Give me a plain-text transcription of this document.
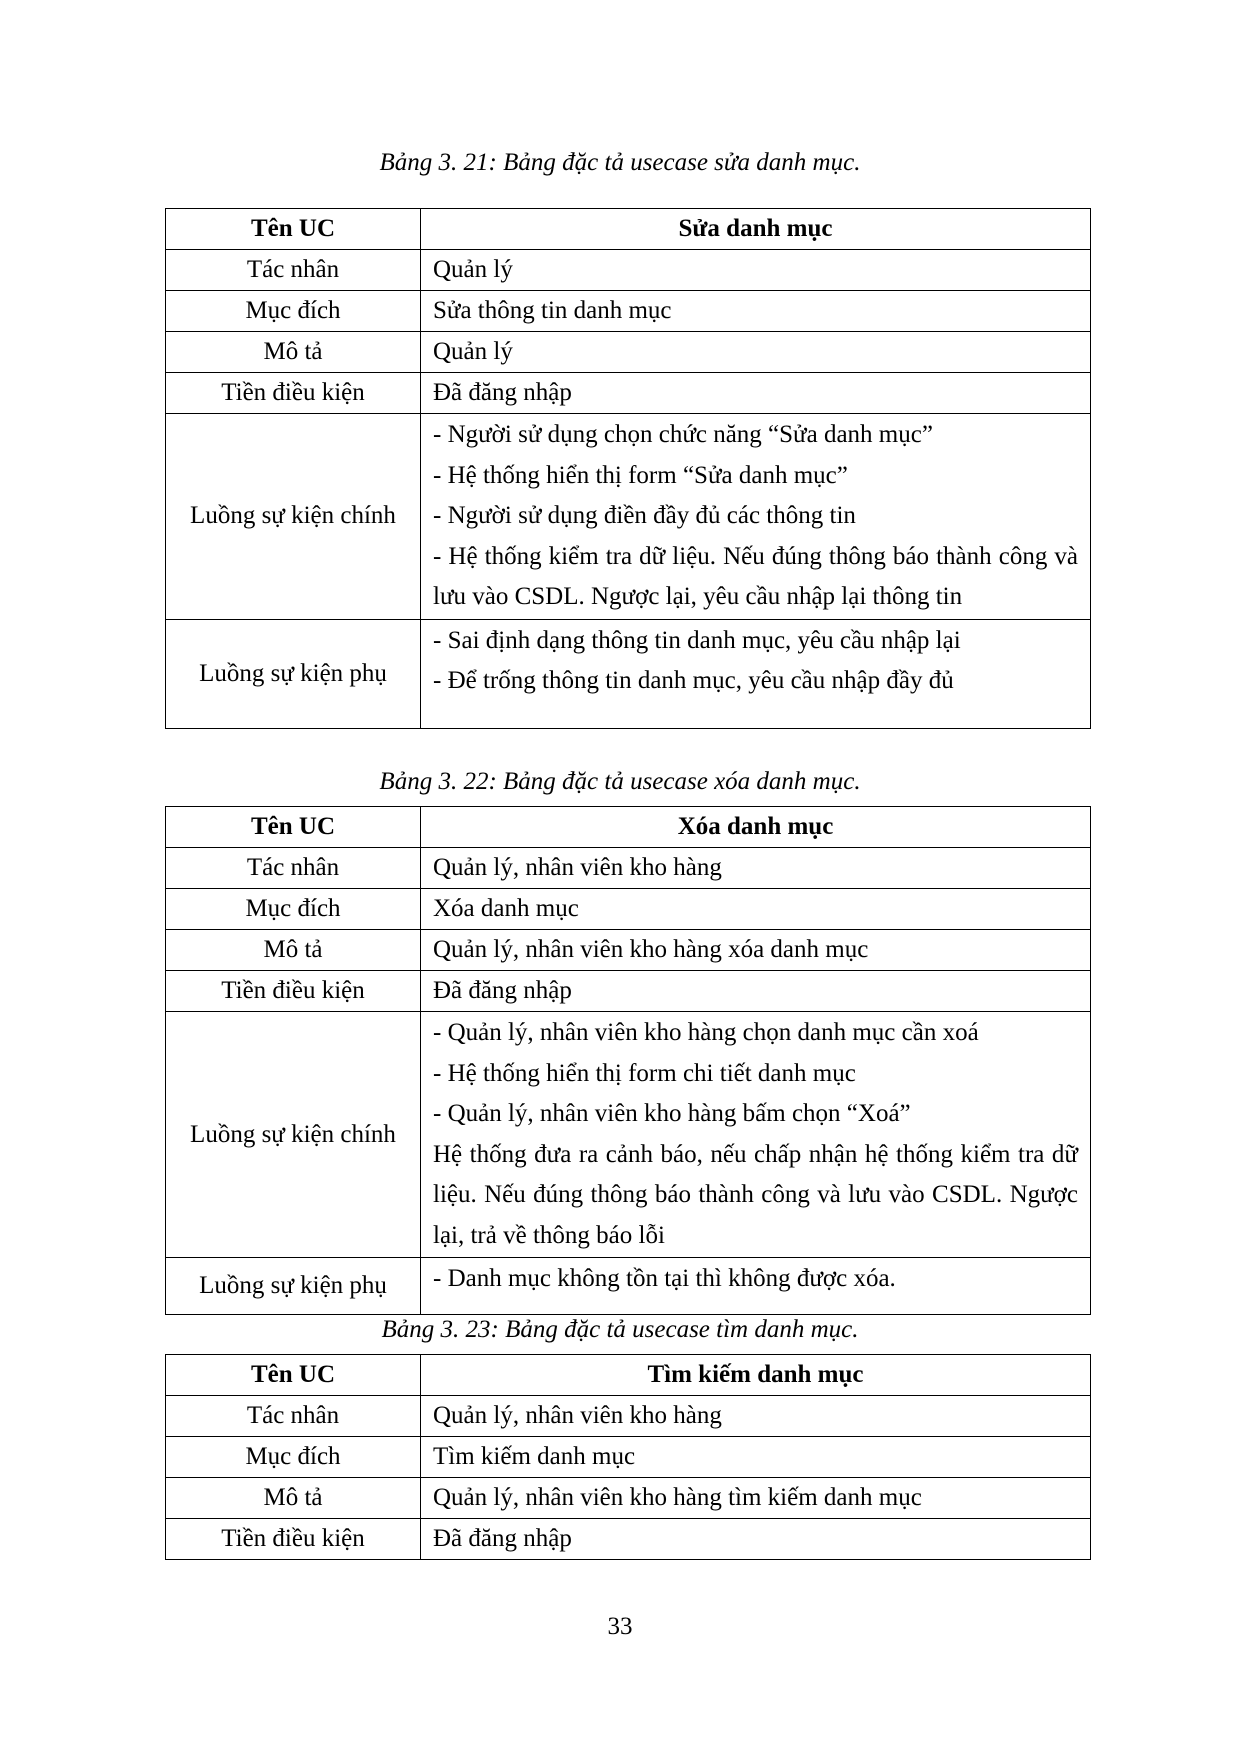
Bảng 3. 21: Bảng đặc tả usecase sửa danh mục.
Tên UC	Sửa danh mục
Tác nhân	Quản lý
Mục đích	Sửa thông tin danh mục
Mô tả	Quản lý
Tiền điều kiện	Đã đăng nhập
Luồng sự kiện chính	- Người sử dụng chọn chức năng “Sửa danh mục”
- Hệ thống hiển thị form “Sửa danh mục”
- Người sử dụng điền đầy đủ các thông tin
- Hệ thống kiểm tra dữ liệu. Nếu đúng thông báo thành công và lưu vào CSDL. Ngược lại, yêu cầu nhập lại thông tin

Luồng sự kiện phụ	- Sai định dạng thông tin danh mục, yêu cầu nhập lại
- Để trống thông tin danh mục, yêu cầu nhập đầy đủ
Bảng 3. 22: Bảng đặc tả usecase xóa danh mục.
Tên UC	Xóa danh mục
Tác nhân	Quản lý, nhân viên kho hàng
Mục đích	Xóa danh mục
Mô tả	Quản lý, nhân viên kho hàng xóa danh mục
Tiền điều kiện	Đã đăng nhập
Luồng sự kiện chính	- Quản lý, nhân viên kho hàng chọn danh mục cần xoá
- Hệ thống hiển thị form chi tiết danh mục
- Quản lý, nhân viên kho hàng bấm chọn “Xoá”
Hệ thống đưa ra cảnh báo, nếu chấp nhận hệ thống kiểm tra dữ liệu. Nếu đúng thông báo thành công và lưu vào CSDL. Ngược lại, trả về thông báo lỗi

Luồng sự kiện phụ	- Danh mục không tồn tại thì không được xóa.
Bảng 3. 23: Bảng đặc tả usecase tìm danh mục.
Tên UC	Tìm kiếm danh mục
Tác nhân	Quản lý, nhân viên kho hàng
Mục đích	Tìm kiếm danh mục
Mô tả	Quản lý, nhân viên kho hàng tìm kiếm danh mục
Tiền điều kiện	Đã đăng nhập
33
